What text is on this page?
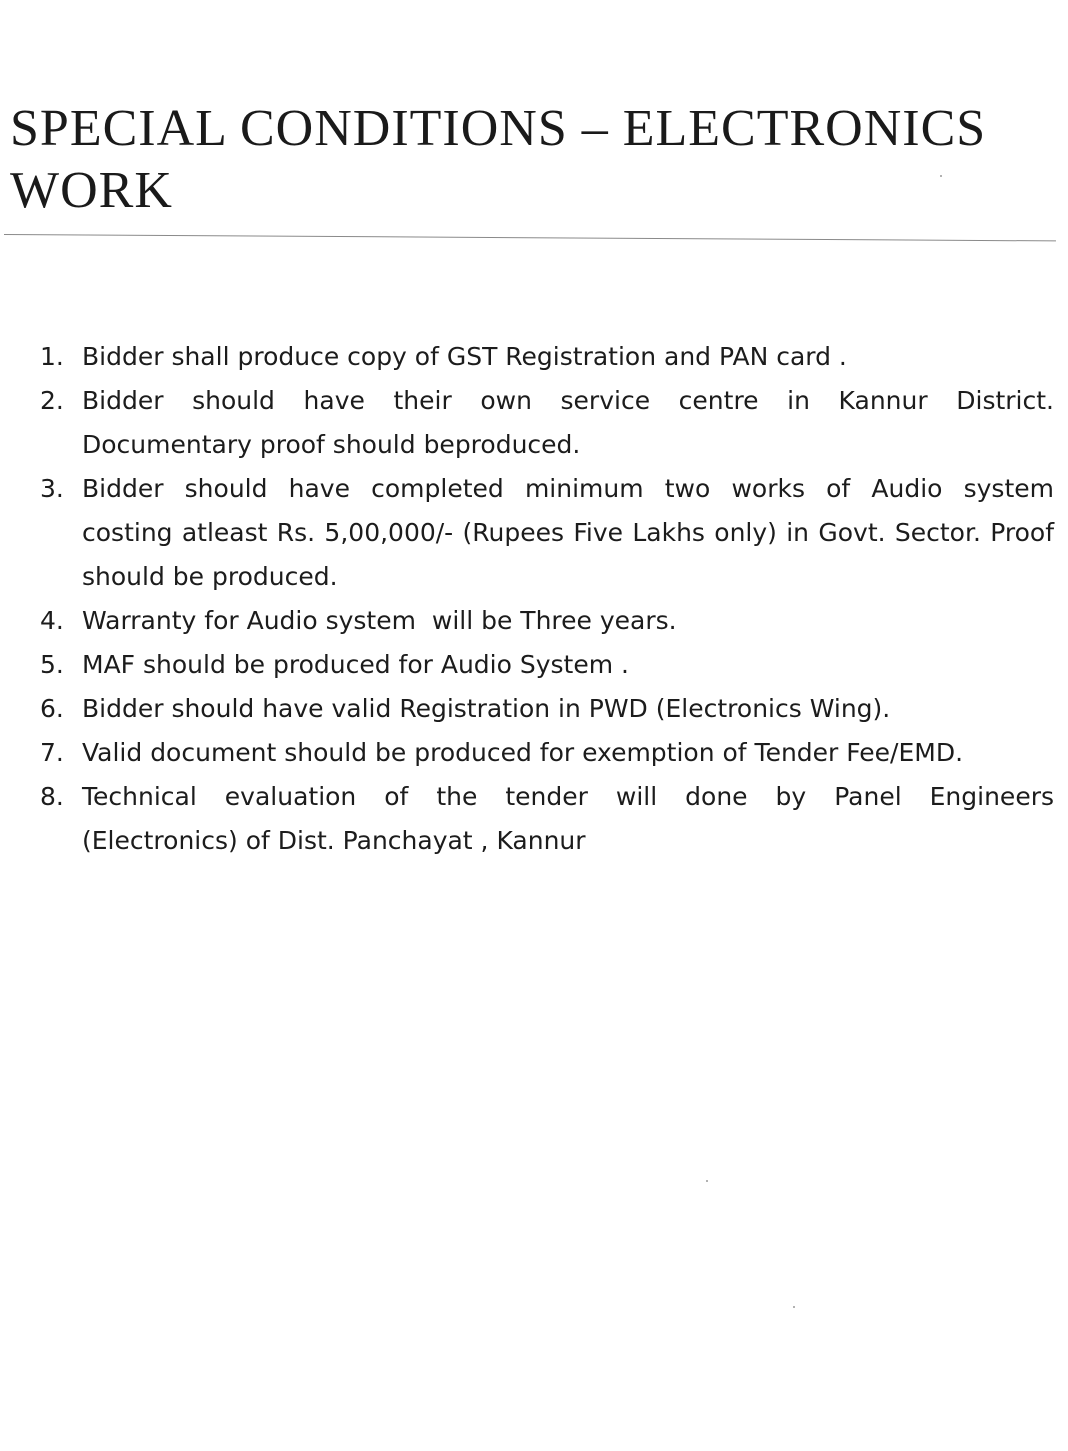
SPECIAL CONDITIONS – ELECTRONICS
WORK
1. Bidder shall produce copy of GST Registration and PAN card .
2. Bidder should have their own service centre in Kannur District.
Documentary proof should beproduced.
3. Bidder should have completed minimum two works of Audio system
costing atleast Rs. 5,00,000/- (Rupees Five Lakhs only) in Govt. Sector. Proof should be produced.
4. Warranty for Audio system  will be Three years.
5. MAF should be produced for Audio System .
6. Bidder should have valid Registration in PWD (Electronics Wing).
7. Valid document should be produced for exemption of Tender Fee/EMD.
8. Technical evaluation of the tender will done by Panel Engineers
(Electronics) of Dist. Panchayat , Kannur
